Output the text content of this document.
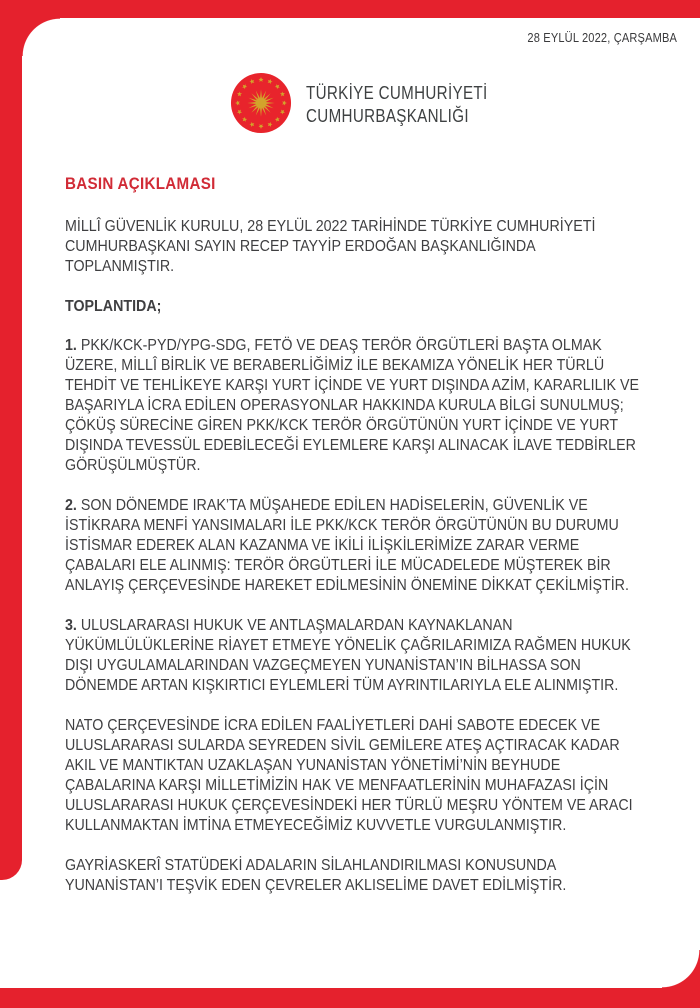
28 EYLÜL 2022, ÇARŞAMBA
TÜRKİYE CUMHURİYETİ
CUMHURBAŞKANLIĞI
BASIN AÇIKLAMASI

MİLLÎ GÜVENLİK KURULU, 28 EYLÜL 2022 TARİHİNDE TÜRKİYE CUMHURİYETİ CUMHURBAŞKANI SAYIN RECEP TAYYİP ERDOĞAN BAŞKANLIĞINDA TOPLANMIŞTIR.

TOPLANTIDA;

1. PKK/KCK-PYD/YPG-SDG, FETÖ VE DEAŞ TERÖR ÖRGÜTLERİ BAŞTA OLMAK ÜZERE, MİLLÎ BİRLİK VE BERABERLİĞİMİZ İLE BEKAMIZA YÖNELİK HER TÜRLÜ TEHDİT VE TEHLİKEYE KARŞI YURT İÇİNDE VE YURT DIŞINDA AZİM, KARARLILIK VE BAŞARIYLA İCRA EDİLEN OPERASYONLAR HAKKINDA KURULA BİLGİ SUNULMUŞ; ÇÖKÜŞ SÜRECİNE GİREN PKK/KCK TERÖR ÖRGÜTÜNÜN YURT İÇİNDE VE YURT DIŞINDA TEVESSÜL EDEBİLECEĞİ EYLEMLERE KARŞI ALINACAK İLAVE TEDBİRLER GÖRÜŞÜLMÜŞTÜR.

2. SON DÖNEMDE IRAK’TA MÜŞAHEDE EDİLEN HADİSELERİN, GÜVENLİK VE İSTİKRARA MENFİ YANSIMALARI İLE PKK/KCK TERÖR ÖRGÜTÜNÜN BU DURUMU İSTİSMAR EDEREK ALAN KAZANMA VE İKİLİ İLİŞKİLERİMİZE ZARAR VERME ÇABALARI ELE ALINMIŞ: TERÖR ÖRGÜTLERİ İLE MÜCADELEDE MÜŞTEREK BİR ANLAYIŞ ÇERÇEVESİNDE HAREKET EDİLMESİNİN ÖNEMİNE DİKKAT ÇEKİLMİŞTİR.

3. ULUSLARARASI HUKUK VE ANTLAŞMALARDAN KAYNAKLANAN YÜKÜMLÜLÜKLERİNE RİAYET ETMEYE YÖNELİK ÇAĞRILARIMIZA RAĞMEN HUKUK DIŞI UYGULAMALARINDAN VAZGEÇMEYEN YUNANİSTAN’IN BİLHASSA SON DÖNEMDE ARTAN KIŞKIRTICI EYLEMLERİ TÜM AYRINTILARIYLA ELE ALINMIŞTIR.

NATO ÇERÇEVESİNDE İCRA EDİLEN FAALİYETLERİ DAHİ SABOTE EDECEK VE ULUSLARARASI SULARDA SEYREDEN SİVİL GEMİLERE ATEŞ AÇTIRACAK KADAR AKIL VE MANTIKTAN UZAKLAŞAN YUNANİSTAN YÖNETİMİ’NİN BEYHUDE ÇABALARINA KARŞI MİLLETİMİZİN HAK VE MENFAATLERİNİN MUHAFAZASI İÇİN ULUSLARARASI HUKUK ÇERÇEVESİNDEKİ HER TÜRLÜ MEŞRU YÖNTEM VE ARACI KULLANMAKTAN İMTİNA ETMEYECEĞİMİZ KUVVETLE VURGULANMIŞTIR.

GAYRİASKERÎ STATÜDEKİ ADALARIN SİLAHLANDIRILMASI KONUSUNDA YUNANİSTAN’I TEŞVİK EDEN ÇEVRELER AKLISELİME DAVET EDİLMİŞTİR.
